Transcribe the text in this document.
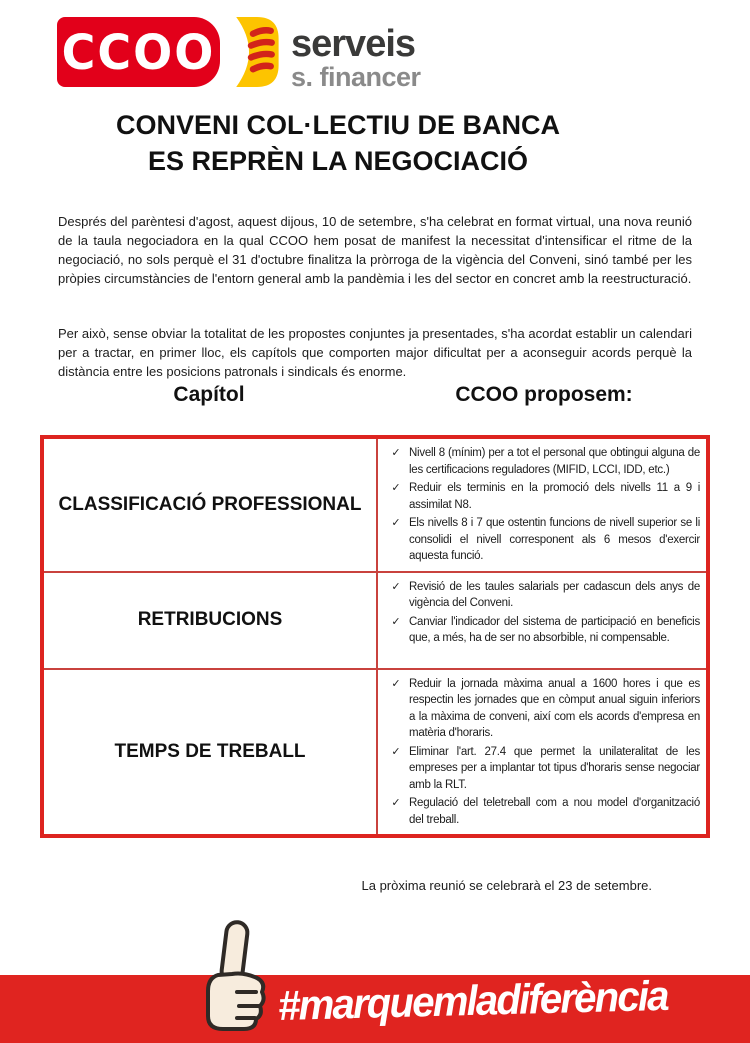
CCOO serveis
s. financer
CONVENI COL·LECTIU DE BANCA
ES REPRÈN LA NEGOCIACIÓ

Després del parèntesi d'agost, aquest dijous, 10 de setembre, s'ha celebrat en format virtual, una nova reunió de la taula negociadora en la qual CCOO hem posat de manifest la necessitat d'intensificar el ritme de la negociació, no sols perquè el 31 d'octubre finalitza la pròrroga de la vigència del Conveni, sinó també per les pròpies circumstàncies de l'entorn general amb la pandèmia i les del sector en concret amb la reestructuració.

Per això, sense obviar la totalitat de les propostes conjuntes ja presentades, s'ha acordat establir un calendari per a tractar, en primer lloc, els capítols que comporten major dificultat per a aconseguir acords perquè la distància entre les posicions patronals i sindicals és enorme.

Capítol	CCOO proposem:
CLASSIFICACIÓ PROFESSIONAL
✓ Nivell 8 (mínim) per a tot el personal que obtingui alguna de les certificacions reguladores (MIFID, LCCI, IDD, etc.)
✓ Reduir els terminis en la promoció dels nivells 11 a 9 i assimilat N8.
✓ Els nivells 8 i 7 que ostentin funcions de nivell superior se li consolidi el nivell corresponent als 6 mesos d'exercir aquesta funció.
RETRIBUCIONS
✓ Revisió de les taules salarials per cadascun dels anys de vigència del Conveni.
✓ Canviar l'indicador del sistema de participació en beneficis que, a més, ha de ser no absorbible, ni compensable.
TEMPS DE TREBALL
✓ Reduir la jornada màxima anual a 1600 hores i que es respectin les jornades que en còmput anual siguin inferiors a la màxima de conveni, així com els acords d'empresa en matèria d'horaris.
✓ Eliminar l'art. 27.4 que permet la unilateralitat de les empreses per a implantar tot tipus d'horaris sense negociar amb la RLT.
✓ Regulació del teletreball com a nou model d'organització del treball.
La pròxima reunió se celebrarà el 23 de setembre.
#marquemladiferència
